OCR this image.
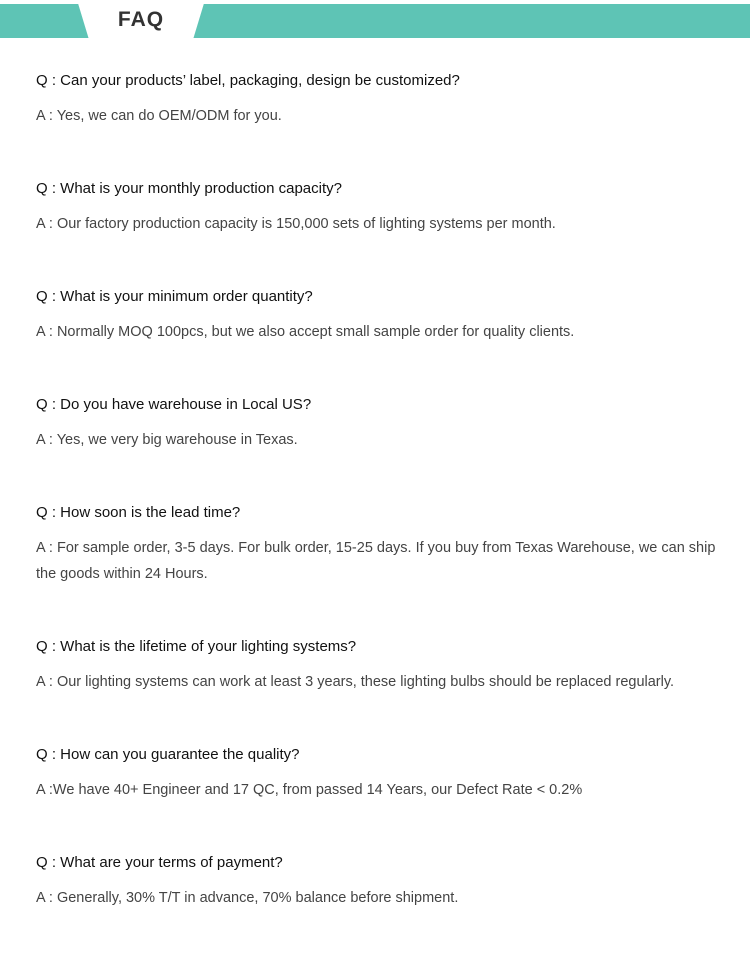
FAQ

Q : Can your products’ label, packaging, design be customized?

A : Yes, we can do OEM/ODM for you.

Q : What is your monthly production capacity?

A : Our factory production capacity is 150,000 sets of lighting systems per month.

Q : What is your minimum order quantity?

A : Normally MOQ 100pcs, but we also accept small sample order for quality clients.

Q : Do you have warehouse in Local US?

A : Yes, we very big warehouse in Texas.

Q : How soon is the lead time?

A : For sample order, 3-5 days. For bulk order, 15-25 days. If you buy from Texas Warehouse, we can ship the goods within 24 Hours.

Q : What is the lifetime of your lighting systems?

A : Our lighting systems can work at least 3 years, these lighting bulbs should be replaced regularly.

Q : How can you guarantee the quality?

A :We have 40+ Engineer and 17 QC, from passed 14 Years, our Defect Rate < 0.2%

Q : What are your terms of payment?

A : Generally, 30% T/T in advance, 70% balance before shipment.
